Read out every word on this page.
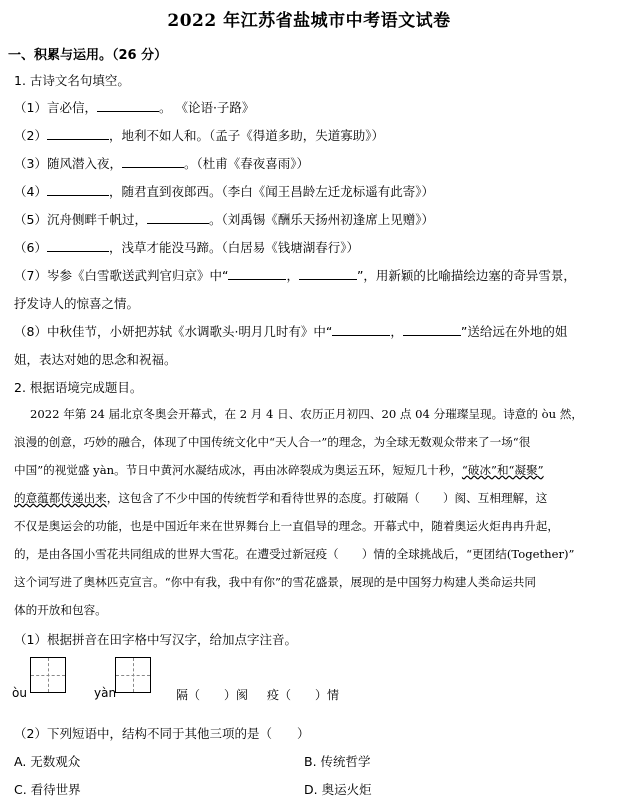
2022 年江苏省盐城市中考语文试卷
一、积累与运用。（26 分）
1. 古诗文名句填空。
（1）言必信，	。 《论语·子路》
（2）	，地利不如人和。（孟子《得道多助，失道寡助》）
（3）随风潜入夜，	。（杜甫《春夜喜雨》）
（4）	，随君直到夜郎西。（李白《闻王昌龄左迁龙标遥有此寄》）
（5）沉舟侧畔千帆过，	。（刘禹锡《酬乐天扬州初逢席上见赠》）
（6）	，浅草才能没马蹄。（白居易《钱塘湖春行》）
（7）岑参《白雪歌送武判官归京》中“	，	”，用新颖的比喻描绘边塞的奇异雪景，
抒发诗人的惊喜之情。
（8）中秋佳节，小妍把苏轼《水调歌头·明月几时有》中“	，	”送给远在外地的姐
姐，表达对她的思念和祝福。
2. 根据语境完成题目。
2022 年第 24 届北京冬奥会开幕式，在 2 月 4 日、农历正月初四、20 点 04 分璀璨呈现。诗意的 òu 然，
浪漫的创意，巧妙的融合，体现了中国传统文化中“天人合一”的理念，为全球无数观众带来了一场“很
中国”的视觉盛 yàn。节日中黄河水凝结成冰，再由冰碎裂成为奥运五环，短短几十秒，“破冰”和“凝聚”
的意蕴都传递出来，这包含了不少中国的传统哲学和看待世界的态度。打破隔（　　）阂、互相理解，这
不仅是奥运会的功能，也是中国近年来在世界舞台上一直倡导的理念。开幕式中，随着奥运火炬冉冉升起，
的，是由各国小雪花共同组成的世界大雪花。在遭受过新冠疫（　　）情的全球挑战后，“更团结(Together)”
这个词写进了奥林匹克宣言。“你中有我，我中有你”的雪花盛景，展现的是中国努力构建人类命运共同
体的开放和包容。
（1）根据拼音在田字格中写汉字，给加点字注音。
òu	yàn	隔（　　）阂 疫（　　）情
（2）下列短语中，结构不同于其他三项的是（　　）
A. 无数观众	B. 传统哲学
C. 看待世界	D. 奥运火炬
